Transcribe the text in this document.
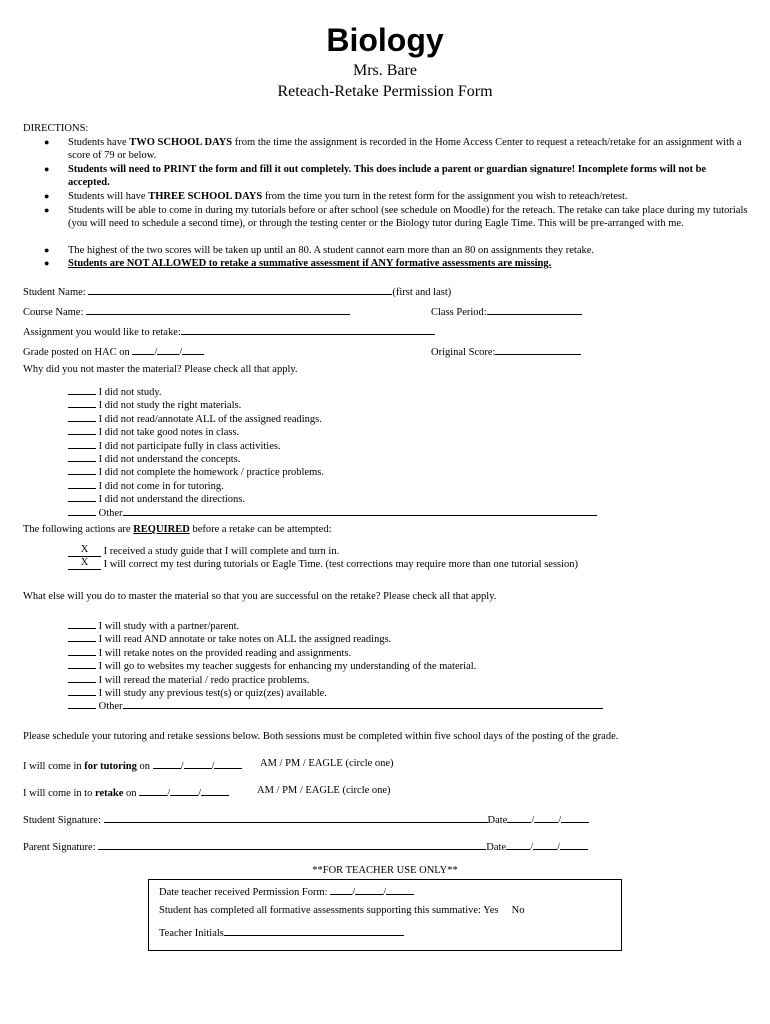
Biology
Mrs. Bare
Reteach-Retake Permission Form
DIRECTIONS:
● Students have TWO SCHOOL DAYS from the time the assignment is recorded in the Home Access Center to request a reteach/retake for an assignment with a score of 79 or below.
● Students will need to PRINT the form and fill it out completely. This does include a parent or guardian signature! Incomplete forms will not be accepted.
● Students will have THREE SCHOOL DAYS from the time you turn in the retest form for the assignment you wish to reteach/retest.
● Students will be able to come in during my tutorials before or after school (see schedule on Moodle) for the reteach. The retake can take place during my tutorials (you will need to schedule a second time), or through the testing center or the Biology tutor during Eagle Time. This will be pre-arranged with me.
● The highest of the two scores will be taken up until an 80. A student cannot earn more than an 80 on assignments they retake.
● Students are NOT ALLOWED to retake a summative assessment if ANY formative assessments are missing.
Student Name:	(first and last)
Course Name:	Class Period:
Assignment you would like to retake:
Grade posted on HAC on / /	Original Score:
Why did you not master the material? Please check all that apply.
I did not study.
I did not study the right materials.
I did not read/annotate ALL of the assigned readings.
I did not take good notes in class.
I did not participate fully in class activities.
I did not understand the concepts.
I did not complete the homework / practice problems.
I did not come in for tutoring.
I did not understand the directions.
Other
The following actions are REQUIRED before a retake can be attempted:
X I received a study guide that I will complete and turn in.
X I will correct my test during tutorials or Eagle Time. (test corrections may require more than one tutorial session)
What else will you do to master the material so that you are successful on the retake? Please check all that apply.
I will study with a partner/parent.
I will read AND annotate or take notes on ALL the assigned readings.
I will retake notes on the provided reading and assignments.
I will go to websites my teacher suggests for enhancing my understanding of the material.
I will reread the material / redo practice problems.
I will study any previous test(s) or quiz(zes) available.
Other
Please schedule your tutoring and retake sessions below. Both sessions must be completed within five school days of the posting of the grade.
I will come in for tutoring on	/	/	AM / PM / EAGLE (circle one)
I will come in to retake on	/	/	AM / PM / EAGLE (circle one)
Student Signature:	Date / /
Parent Signature:	Date / /
**FOR TEACHER USE ONLY**
Date teacher received Permission Form: /	/
Student has completed all formative assessments supporting this summative: Yes No
Teacher Initials
